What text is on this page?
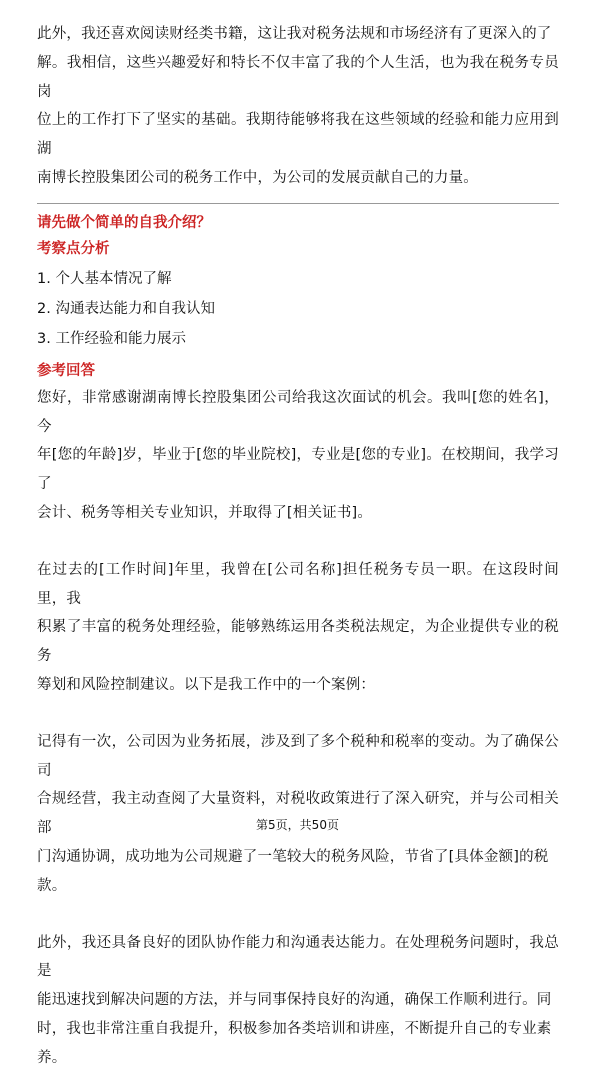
此外，我还喜欢阅读财经类书籍，这让我对税务法规和市场经济有了更深入的了
解。我相信，这些兴趣爱好和特长不仅丰富了我的个人生活，也为我在税务专员岗
位上的工作打下了坚实的基础。我期待能够将我在这些领域的经验和能力应用到湖
南博长控股集团公司的税务工作中，为公司的发展贡献自己的力量。

请先做个简单的自我介绍？

考察点分析

1. 个人基本情况了解
2. 沟通表达能力和自我认知
3. 工作经验和能力展示

参考回答

您好，非常感谢湖南博长控股集团公司给我这次面试的机会。我叫[您的姓名]，今
年[您的年龄]岁，毕业于[您的毕业院校]，专业是[您的专业]。在校期间，我学习了
会计、税务等相关专业知识，并取得了[相关证书]。

在过去的[工作时间]年里，我曾在[公司名称]担任税务专员一职。在这段时间里，我
积累了丰富的税务处理经验，能够熟练运用各类税法规定，为企业提供专业的税务
筹划和风险控制建议。以下是我工作中的一个案例：

记得有一次，公司因为业务拓展，涉及到了多个税种和税率的变动。为了确保公司
合规经营，我主动查阅了大量资料，对税收政策进行了深入研究，并与公司相关部
门沟通协调，成功地为公司规避了一笔较大的税务风险，节省了[具体金额]的税
款。

此外，我还具备良好的团队协作能力和沟通表达能力。在处理税务问题时，我总是
能迅速找到解决问题的方法，并与同事保持良好的沟通，确保工作顺利进行。同
时，我也非常注重自我提升，积极参加各类培训和讲座，不断提升自己的专业素
养。

第5页，共50页
